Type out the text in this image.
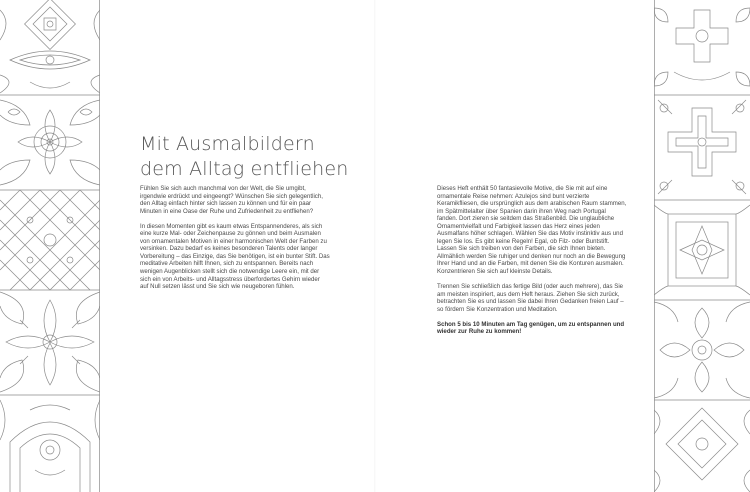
Mit Ausmalbildern
dem Alltag entfliehen

Fühlen Sie sich auch manchmal von der Welt, die Sie umgibt, irgendwie erdrückt und eingeengt? Wünschen Sie sich gelegentlich, den Alltag einfach hinter sich lassen zu können und für ein paar Minuten in eine Oase der Ruhe und Zufriedenheit zu entfliehen?

In diesen Momenten gibt es kaum etwas Entspannenderes, als sich eine kurze Mal- oder Zeichenpause zu gönnen und beim Ausmalen von ornamentalen Motiven in einer harmonischen Welt der Farben zu versinken. Dazu bedarf es keines besonderen Talents oder langer Vorbereitung – das Einzige, das Sie benötigen, ist ein bunter Stift. Das meditative Arbeiten hilft Ihnen, sich zu entspannen. Bereits nach wenigen Augenblicken stellt sich die notwendige Leere ein, mit der sich ein von Arbeits- und Alltagsstress überfordertes Gehirn wieder auf Null setzen lässt und Sie sich wie neugeboren fühlen.

Dieses Heft enthält 50 fantasievolle Motive, die Sie mit auf eine ornamentale Reise nehmen: Azulejos sind bunt verzierte Keramikfliesen, die ursprünglich aus dem arabischen Raum stammen, im Spätmittelalter über Spanien darin ihren Weg nach Portugal fanden. Dort zieren sie seitdem das Straßenbild. Die unglaubliche Ornamentvielfalt und Farbigkeit lassen das Herz eines jeden Ausmalfans höher schlagen. Wählen Sie das Motiv instinktiv aus und legen Sie los. Es gibt keine Regeln! Egal, ob Filz- oder Buntstift. Lassen Sie sich treiben von den Farben, die sich Ihnen bieten. Allmählich werden Sie ruhiger und denken nur noch an die Bewegung Ihrer Hand und an die Farben, mit denen Sie die Konturen ausmalen. Konzentrieren Sie sich auf kleinste Details.

Trennen Sie schließlich das fertige Bild (oder auch mehrere), das Sie am meisten inspiriert, aus dem Heft heraus. Ziehen Sie sich zurück, betrachten Sie es und lassen Sie dabei Ihren Gedanken freien Lauf – so fördern Sie Konzentration und Meditation.

Schon 5 bis 10 Minuten am Tag genügen, um zu entspannen und wieder zur Ruhe zu kommen!
